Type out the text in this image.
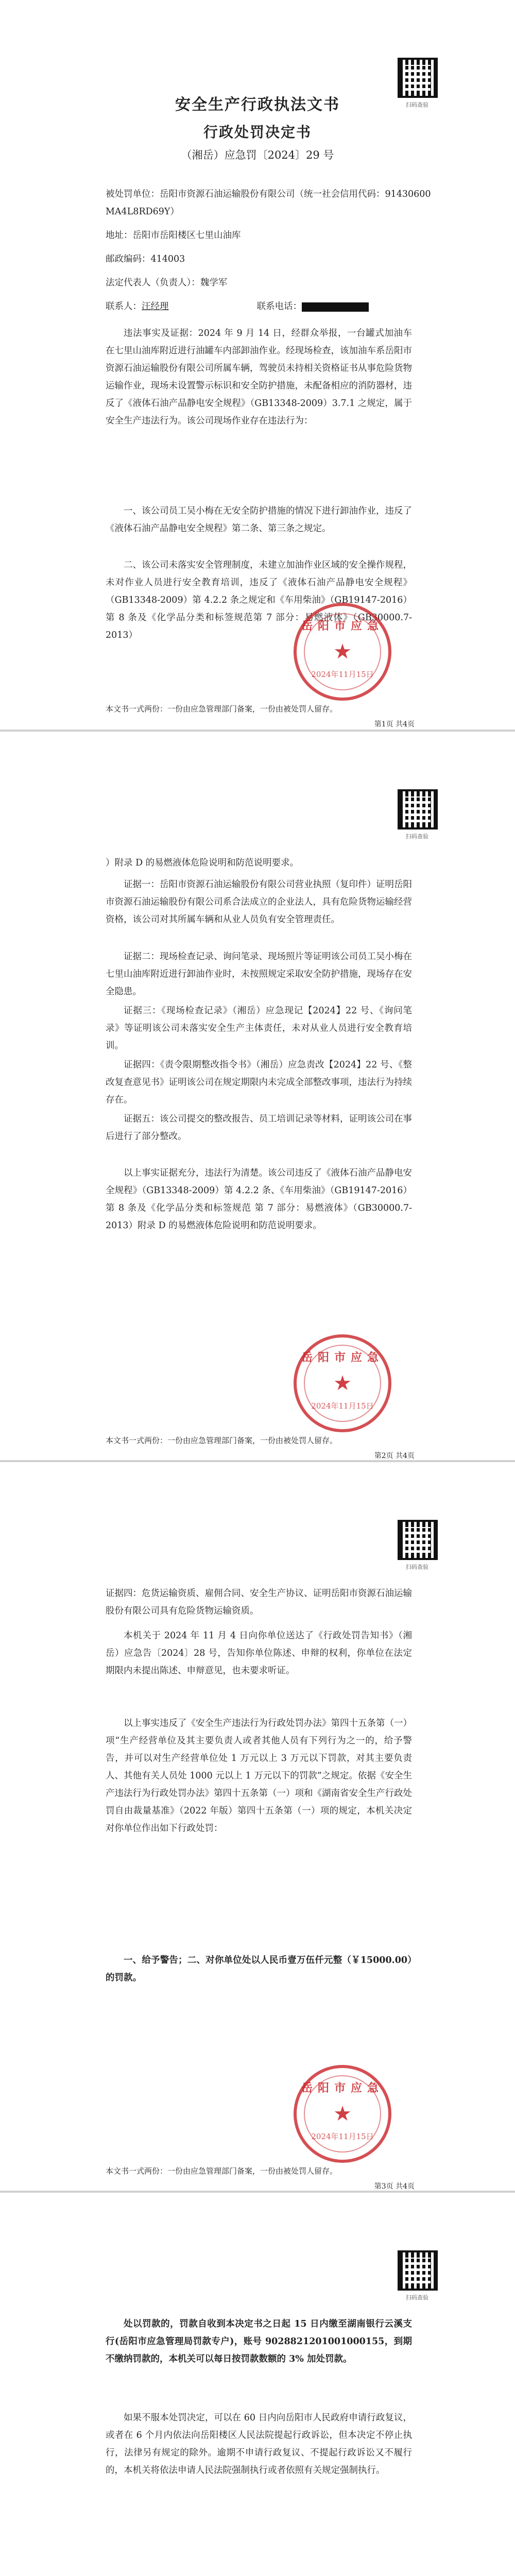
扫码查验
安全生产行政执法文书
行政处罚决定书
（湘岳）应急罚〔2024〕29 号
被处罚单位：岳阳市资源石油运输股份有限公司（统一社会信用代码：91430600
MA4L8RD69Y）
地址：岳阳市岳阳楼区七里山油库
邮政编码：414003
法定代表人（负责人）：魏学军
联系人：汪经理	联系电话：
违法事实及证据：2024 年 9 月 14 日，经群众举报，一台罐式加油车在七里山油库附近进行油罐车内部卸油作业。经现场检查，该加油车系岳阳市资源石油运输股份有限公司所属车辆，驾驶员未持相关资格证书从事危险货物运输作业，现场未设置警示标识和安全防护措施，未配备相应的消防器材，违反了《液体石油产品静电安全规程》（GB13348-2009）3.7.1 之规定，属于安全生产违法行为。该公司现场作业存在违法行为：
一、该公司员工吴小梅在无安全防护措施的情况下进行卸油作业，违反了《液体石油产品静电安全规程》第二条、第三条之规定。
二、该公司未落实安全管理制度，未建立加油作业区域的安全操作规程，未对作业人员进行安全教育培训，违反了《液体石油产品静电安全规程》（GB13348-2009）第 4.2.2 条之规定和《车用柴油》（GB19147-2016）第 8 条及《化学品分类和标签规范第 7 部分：易燃液体》（GB30000.7-2013）
岳阳市应急
★
2024年11月15日
本文书一式两份：一份由应急管理部门备案，一份由被处罚人留存。
第1页 共4页
扫码查验
）附录 D 的易燃液体危险说明和防范说明要求。
证据一：岳阳市资源石油运输股份有限公司营业执照（复印件）证明岳阳市资源石油运输股份有限公司系合法成立的企业法人，具有危险货物运输经营资格，该公司对其所属车辆和从业人员负有安全管理责任。
证据二：现场检查记录、询问笔录、现场照片等证明该公司员工吴小梅在七里山油库附近进行卸油作业时，未按照规定采取安全防护措施，现场存在安全隐患。
证据三：《现场检查记录》（湘岳）应急现记【2024】22 号、《询问笔录》等证明该公司未落实安全生产主体责任，未对从业人员进行安全教育培训。
证据四：《责令限期整改指令书》（湘岳）应急责改【2024】22 号、《整改复查意见书》证明该公司在规定期限内未完成全部整改事项，违法行为持续存在。
证据五：该公司提交的整改报告、员工培训记录等材料，证明该公司在事后进行了部分整改。
以上事实证据充分，违法行为清楚。该公司违反了《液体石油产品静电安全规程》（GB13348-2009）第 4.2.2 条、《车用柴油》（GB19147-2016）第 8 条及《化学品分类和标签规范 第 7 部分：易燃液体》（GB30000.7-2013）附录 D 的易燃液体危险说明和防范说明要求。
岳阳市应急
★
2024年11月15日
本文书一式两份：一份由应急管理部门备案，一份由被处罚人留存。
第2页 共4页
扫码查验
证据四：危货运输资质、雇佣合同、安全生产协议、证明岳阳市资源石油运输股份有限公司具有危险货物运输资质。
本机关于 2024 年 11 月 4 日向你单位送达了《行政处罚告知书》（湘岳）应急告〔2024〕28 号，告知你单位陈述、申辩的权利，你单位在法定期限内未提出陈述、申辩意见，也未要求听证。
以上事实违反了《安全生产违法行为行政处罚办法》第四十五条第（一）项“生产经营单位及其主要负责人或者其他人员有下列行为之一的，给予警告，并可以对生产经营单位处 1 万元以上 3 万元以下罚款，对其主要负责人、其他有关人员处 1000 元以上 1 万元以下的罚款”之规定。依据《安全生产违法行为行政处罚办法》第四十五条第（一）项和《湖南省安全生产行政处罚自由裁量基准》（2022 年版）第四十五条第（一）项的规定，本机关决定对你单位作出如下行政处罚：
一、给予警告；二、对你单位处以人民币壹万伍仟元整（￥15000.00）的罚款。
岳阳市应急
★
2024年11月15日
本文书一式两份：一份由应急管理部门备案，一份由被处罚人留存。
第3页 共4页
扫码查验
处以罚款的，罚款自收到本决定书之日起 15 日内缴至湖南银行云溪支行(岳阳市应急管理局罚款专户)，账号 9028821201001000155，到期不缴纳罚款的，本机关可以每日按罚款数额的 3% 加处罚款。
如果不服本处罚决定，可以在 60 日内向岳阳市人民政府申请行政复议，或者在 6 个月内依法向岳阳楼区人民法院提起行政诉讼，但本决定不停止执行，法律另有规定的除外。逾期不申请行政复议、不提起行政诉讼又不履行的，本机关将依法申请人民法院强制执行或者依照有关规定强制执行。
